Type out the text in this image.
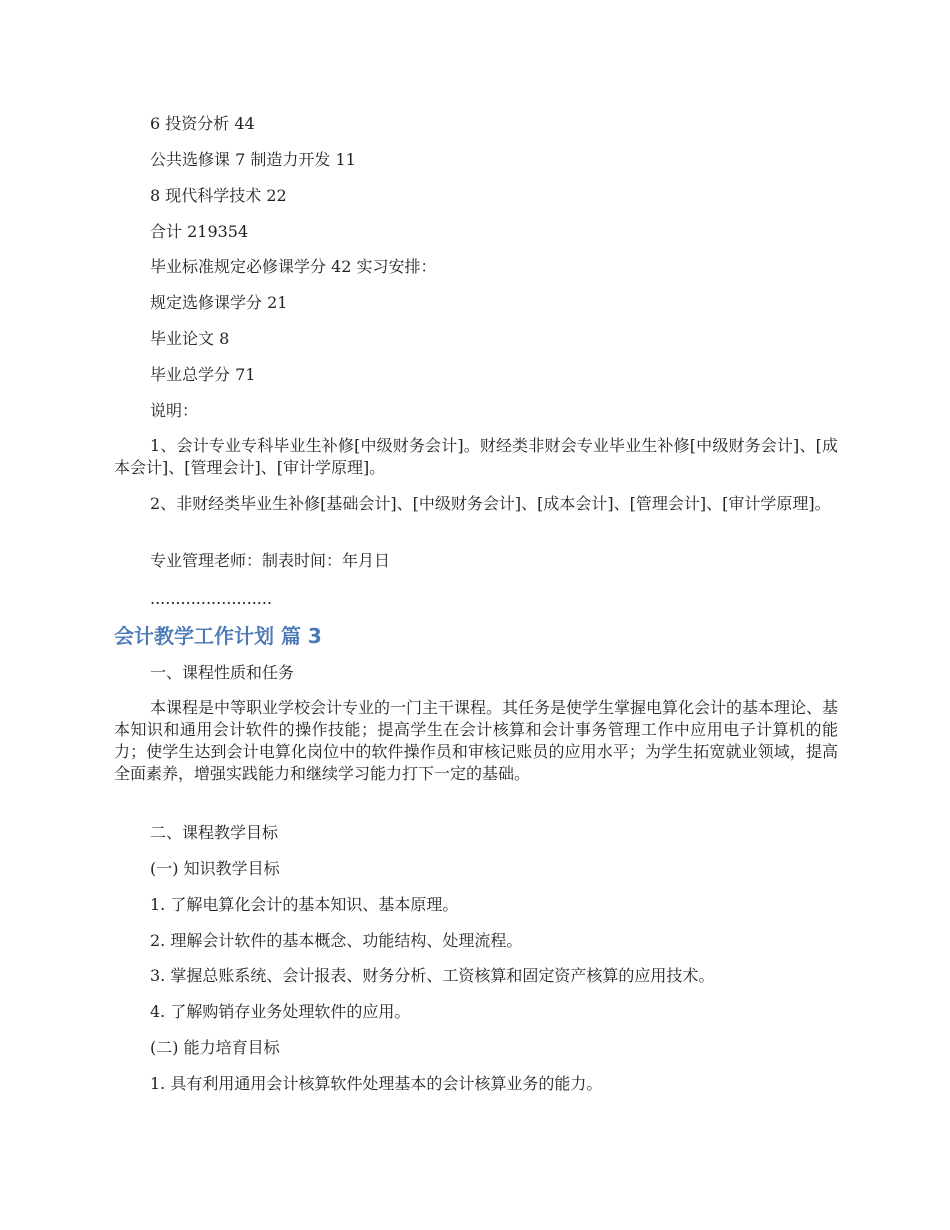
6 投资分析 44

公共选修课 7 制造力开发 11

8 现代科学技术 22

合计 219354

毕业标准规定必修课学分 42 实习安排：

规定选修课学分 21

毕业论文 8

毕业总学分 71

说明：

1、会计专业专科毕业生补修[中级财务会计]。财经类非财会专业毕业生补修[中级财务会计]、[成本会计]、[管理会计]、[审计学原理]。

2、非财经类毕业生补修[基础会计]、[中级财务会计]、[成本会计]、[管理会计]、[审计学原理]。

专业管理老师：制表时间：年月日

........................

会计教学工作计划 篇 3

一、课程性质和任务

本课程是中等职业学校会计专业的一门主干课程。其任务是使学生掌握电算化会计的基本理论、基本知识和通用会计软件的操作技能；提高学生在会计核算和会计事务管理工作中应用电子计算机的能力；使学生达到会计电算化岗位中的软件操作员和审核记账员的应用水平；为学生拓宽就业领域，提高全面素养，增强实践能力和继续学习能力打下一定的基础。

二、课程教学目标

(一) 知识教学目标

1. 了解电算化会计的基本知识、基本原理。

2. 理解会计软件的基本概念、功能结构、处理流程。

3. 掌握总账系统、会计报表、财务分析、工资核算和固定资产核算的应用技术。

4. 了解购销存业务处理软件的应用。

(二) 能力培育目标

1. 具有利用通用会计核算软件处理基本的会计核算业务的能力。
